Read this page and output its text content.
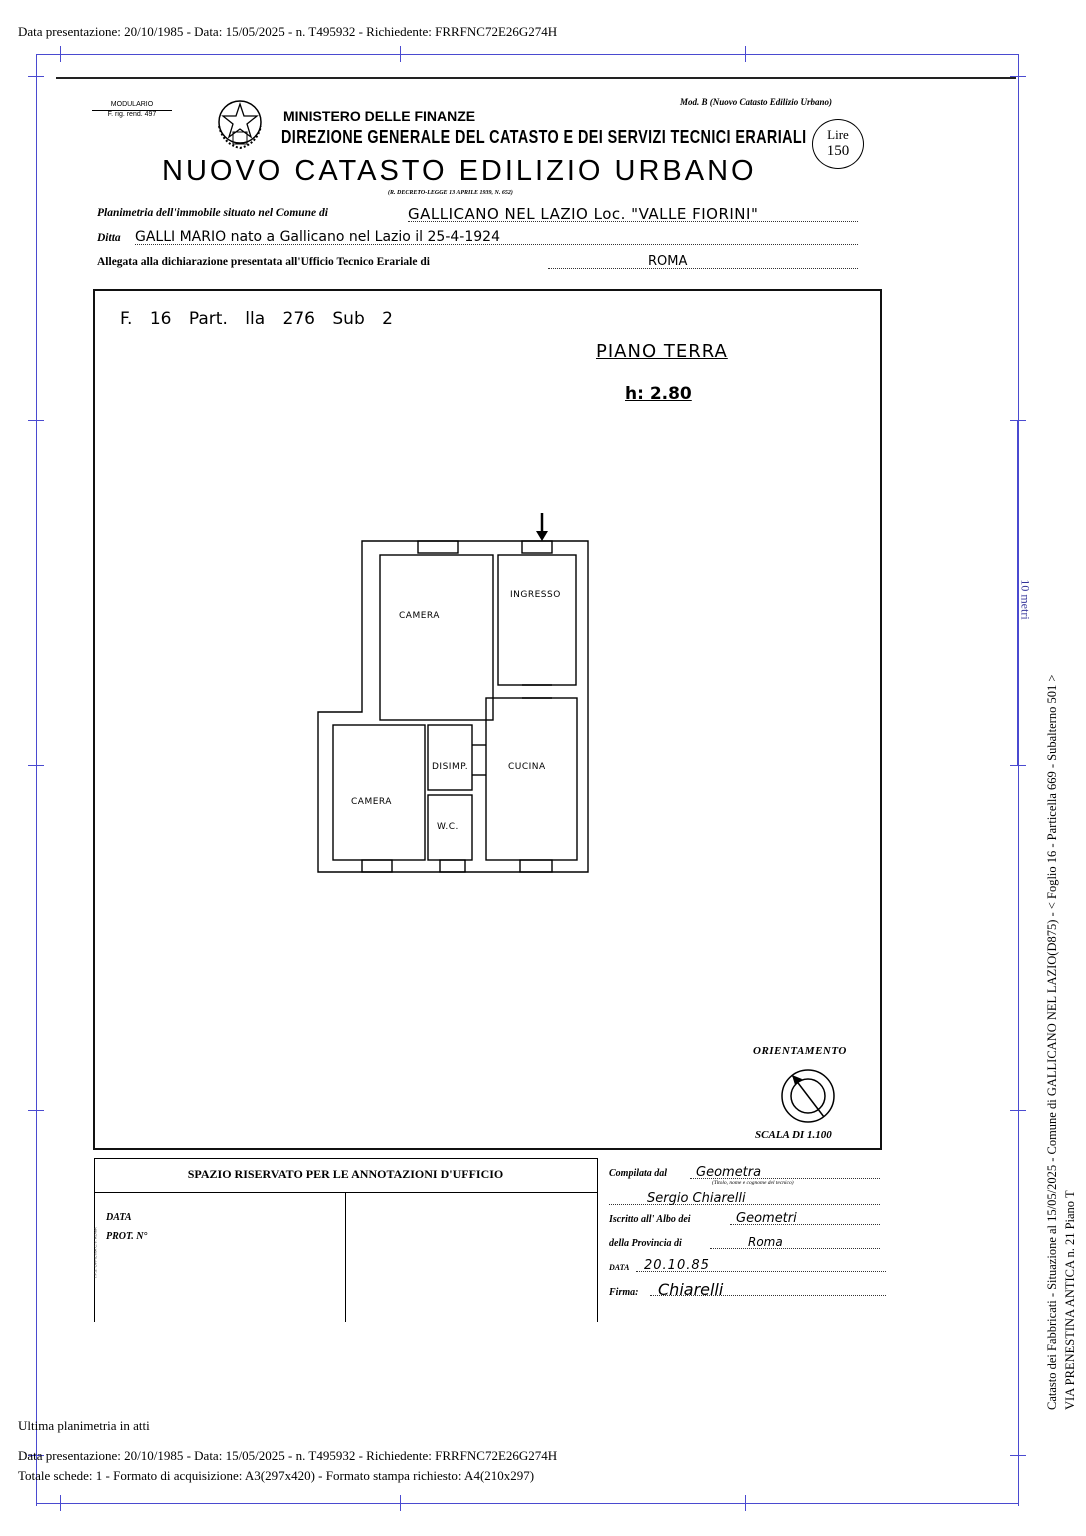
Data presentazione: 20/10/1985 - Data: 15/05/2025 - n. T495932 - Richiedente: FRRFNC72E26G274H
MODULARIO
F. rig. rend. 497	MINISTERO DELLE FINANZE
DIREZIONE GENERALE DEL CATASTO E DEI SERVIZI TECNICI ERARIALI
Mod. B (Nuovo Catasto Edilizio Urbano)
Lire
150
NUOVO CATASTO EDILIZIO URBANO
(R. DECRETO-LEGGE 13 APRILE 1939, N. 652)
Planimetria dell'immobile situato nel Comune di	GALLICANO NEL LAZIO Loc. "VALLE FIORINI"
Ditta GALLI MARIO nato a Gallicano nel Lazio il 25-4-1924
Allegata alla dichiarazione presentata all'Ufficio Tecnico Erariale di	ROMA
F. 16 Part. lla 276 Sub 2
PIANO TERRA
h: 2.80
CAMERA
INGRESSO
DISIMP.	CUCINA
CAMERA
W.C.
ORIENTAMENTO
SCALA DI 1.100
SPAZIO RISERVATO PER LE ANNOTAZIONI D'UFFICIO
DATA
PROT. N°
I.P.S. OFFICINA C.V. ROMA
Compilata dal	Geometra
(Titolo, nome e cognome del tecnico)
Sergio Chiarelli
Iscritto all' Albo dei	Geometri
della Provincia di	Roma
DATA	20.10.85
Firma:	Chiarelli
10 metri
Catasto dei Fabbricati - Situazione al 15/05/2025 - Comune di GALLICANO NEL LAZIO(D875) - < Foglio 16 - Particella 669 - Subalterno 501 > VIA PRENESTINA ANTICA n. 21 Piano T
Ultima planimetria in atti
Data presentazione: 20/10/1985 - Data: 15/05/2025 - n. T495932 - Richiedente: FRRFNC72E26G274H
Totale schede: 1 - Formato di acquisizione: A3(297x420) - Formato stampa richiesto: A4(210x297)
